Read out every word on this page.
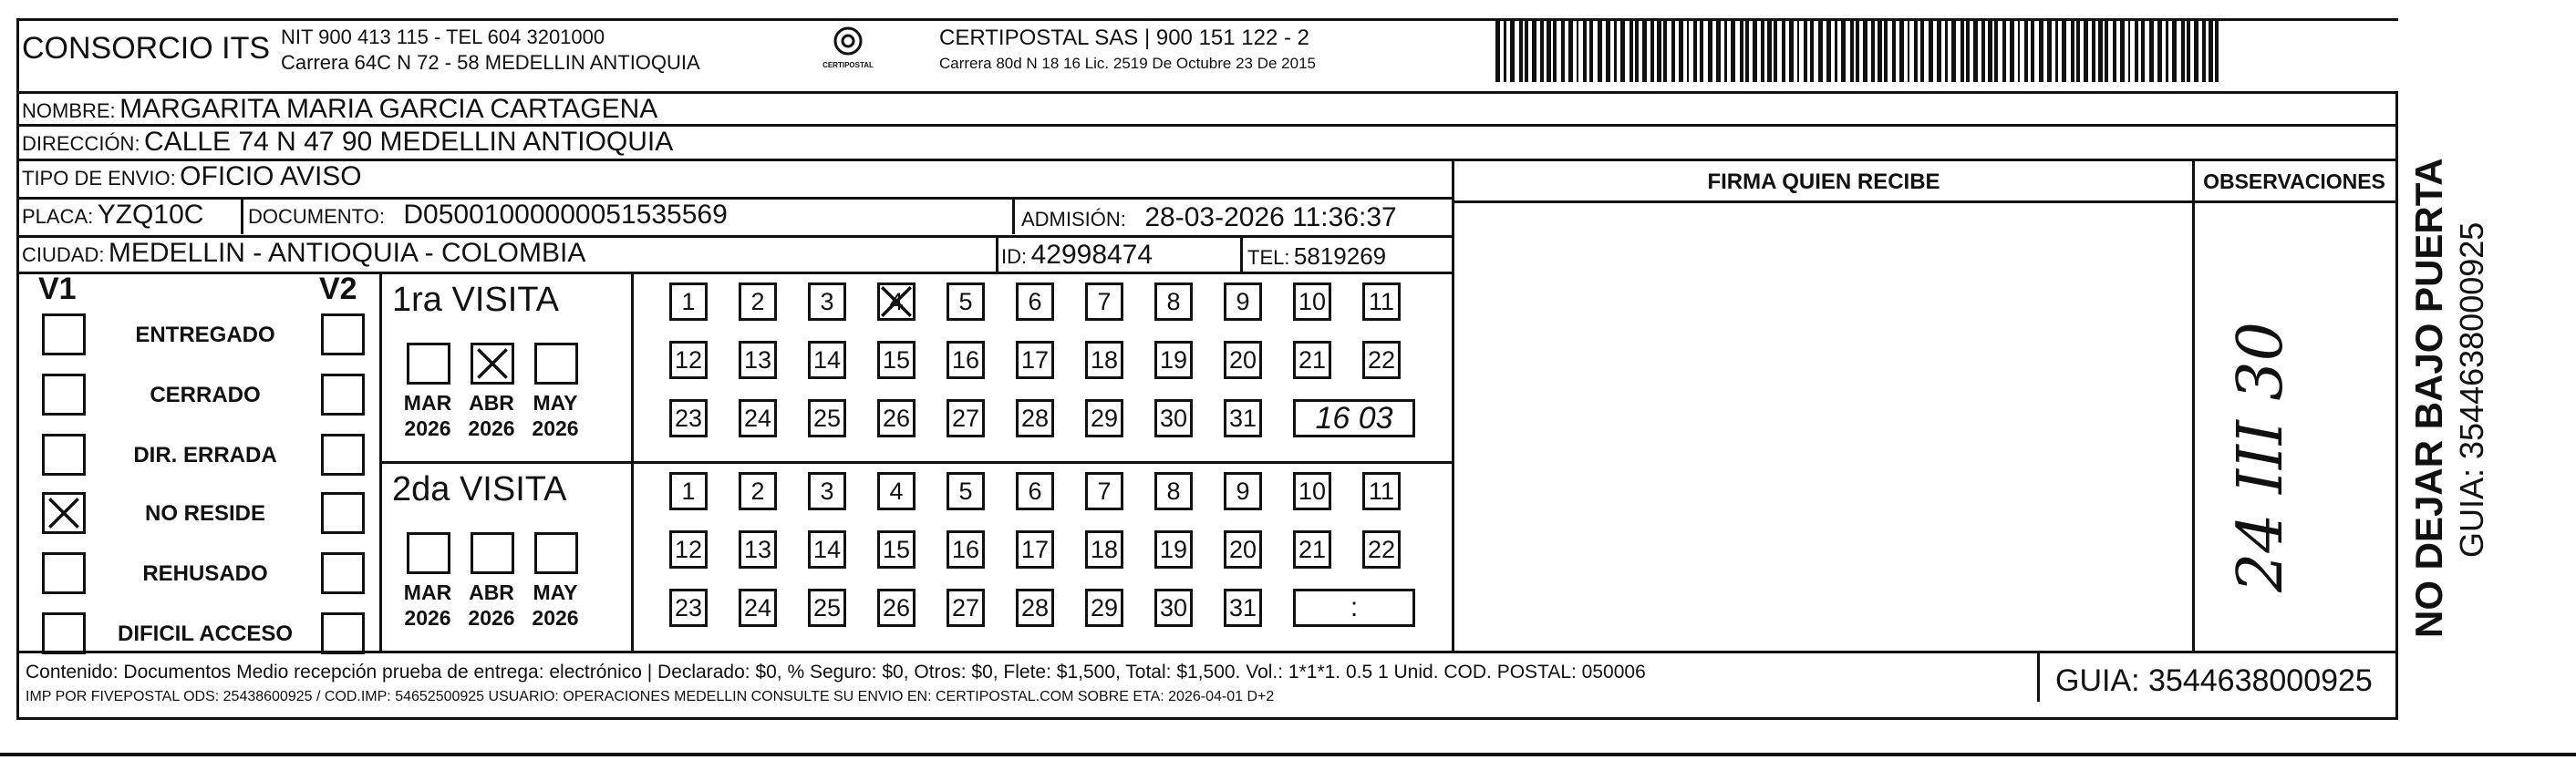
CONSORCIO ITS NIT 900 413 115 - TEL 604 3201000
Carrera 64C N 72 - 58 MEDELLIN ANTIOQUIA	CERTIPOSTAL
CERTIPOSTAL SAS | 900 151 122 - 2
Carrera 80d N 18 16 Lic. 2519 De Octubre 23 De 2015
NOMBRE: MARGARITA MARIA GARCIA CARTAGENA
DIRECCIÓN: CALLE 74 N 47 90 MEDELLIN ANTIOQUIA
TIPO DE ENVIO: OFICIO AVISO
PLACA: YZQ10C DOCUMENTO: D05001000000051535569	ADMISIÓN: 28-03-2026 11:36:37
CIUDAD: MEDELLIN - ANTIOQUIA - COLOMBIA	ID: 42998474	TEL: 5819269
FIRMA QUIEN RECIBE	OBSERVACIONES
24 III 30
V1	V2
ENTREGADO
CERRADO
DIR. ERRADA
NO RESIDE
REHUSADO
DIFICIL ACCESO
1ra VISITA
MAR
2026
ABR
2026
MAY
2026
1	2	3	4	5	6	7	8	9	10 11
12 13 14 15 16 17 18 19 20 21 22
23 24 25 26 27 28 29 30 31	16 03
2da VISITA
MAR
2026
ABR
2026
MAY
2026
1	2	3	4	5	6	7	8	9	10 11
12 13 14 15 16 17 18 19 20 21 22
23 24 25 26 27 28 29 30 31	:
Contenido: Documentos Medio recepción prueba de entrega: electrónico | Declarado: $0, % Seguro: $0, Otros: $0, Flete: $1,500, Total: $1,500. Vol.: 1*1*1. 0.5 1 Unid. COD. POSTAL: 050006
IMP POR FIVEPOSTAL ODS: 25438600925 / COD.IMP: 54652500925 USUARIO: OPERACIONES MEDELLIN CONSULTE SU ENVIO EN: CERTIPOSTAL.COM SOBRE ETA: 2026-04-01 D+2	GUIA: 3544638000925
NO DEJAR BAJO PUERTA GUIA: 3544638000925
